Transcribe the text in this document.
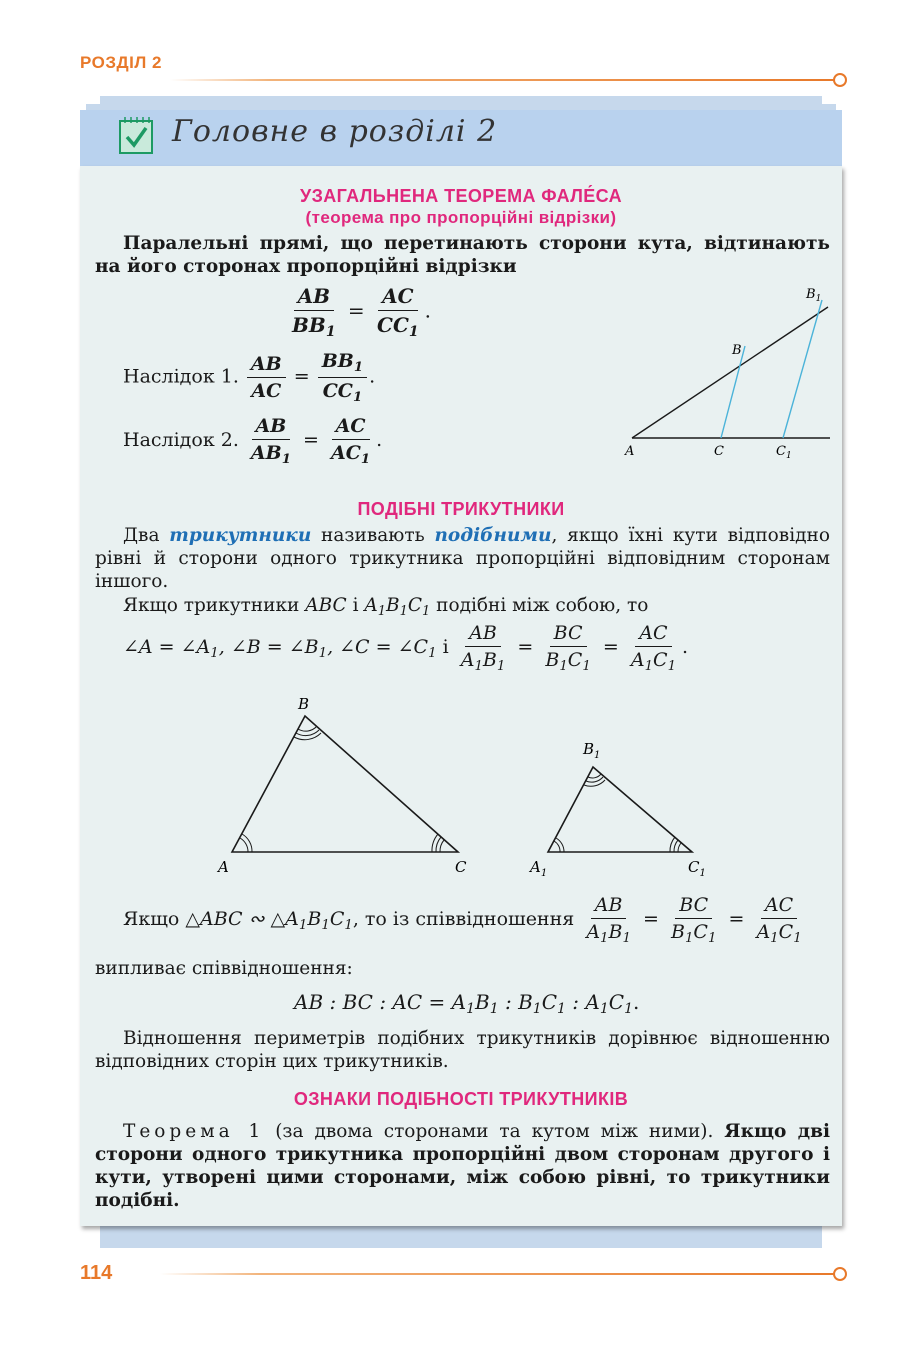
РОЗДІЛ 2
Головне в розділі 2
УЗАГАЛЬНЕНА ТЕОРЕМА ФАЛЕ́СА
(теорема про пропорційні відрізки)
Паралельні прямі, що перетинають сторони кута, відтинають на його сторонах пропорційні відрізки
$\frac{AB}{BB_1} = \frac{AC}{CC_1}$ .
Наслідок 1. $\frac{AB}{AC} = \frac{BB_1}{CC_1}$ .
Наслідок 2. $\frac{AB}{AB_1} = \frac{AC}{AC_1}$ .
A	C	$C_1$
B
$B_1$
ПОДІБНІ ТРИКУТНИКИ
Два трикутники називають подібними, якщо їхні кути відповідно рівні й сторони одного трикутника пропорційні відповідним сторонам іншого.
Якщо трикутники ABC і $A_1B_1C_1$ подібні між собою, то
∠A = $\angle A_1$, ∠B = $\angle B_1$, ∠C = $\angle C_1$ і $\frac{AB}{A_1B_1} = \frac{BC}{B_1C_1} = \frac{AC}{A_1C_1}$ .
A
B
C	$A_1$
$B_1$
$C_1$
Якщо △ABC ∾ $\triangle A_1B_1C_1$, то із співвідношення $\frac{AB}{A_1B_1} = \frac{BC}{B_1C_1} = \frac{AC}{A_1C_1}$
випливає співвідношення:
AB : BC : AC = $A_1B_1$ : $B_1C_1$ : $A_1C_1$.
Відношення периметрів подібних трикутників дорівнює відношенню відповідних сторін цих трикутників.
ОЗНАКИ ПОДІБНОСТІ ТРИКУТНИКІВ
Теорема 1 (за двома сторонами та кутом між ними). Якщо дві сторони одного трикутника пропорційні двом сторонам другого і кути, утворені цими сторонами, між собою рівні, то трикутники подібні.
114
